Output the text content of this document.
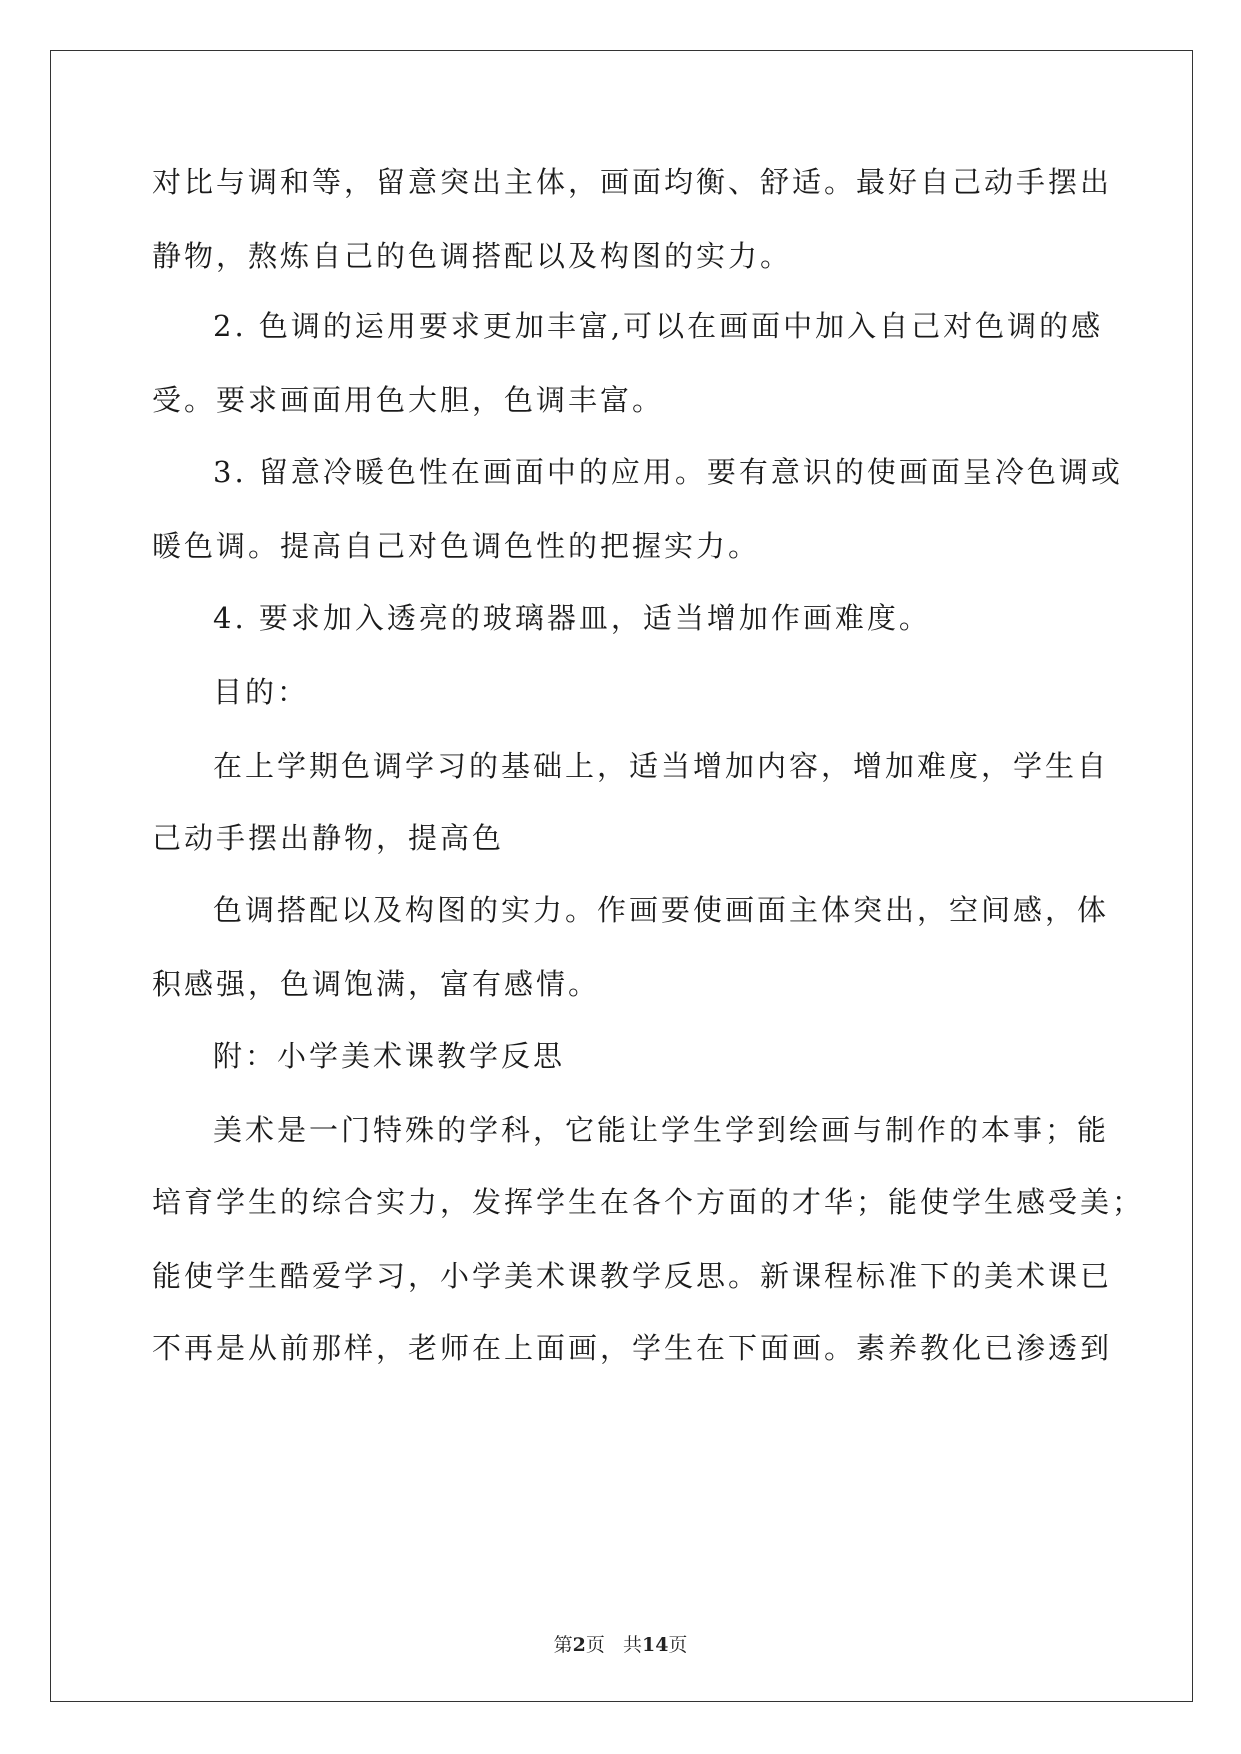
对比与调和等，留意突出主体，画面均衡、舒适。最好自己动手摆出
静物，熬炼自己的色调搭配以及构图的实力。
2. 色调的运用要求更加丰富,可以在画面中加入自己对色调的感
受。要求画面用色大胆，色调丰富。
3. 留意冷暖色性在画面中的应用。要有意识的使画面呈冷色调或
暖色调。提高自己对色调色性的把握实力。
4. 要求加入透亮的玻璃器皿，适当增加作画难度。
目的：
在上学期色调学习的基础上，适当增加内容，增加难度，学生自
己动手摆出静物，提高色
色调搭配以及构图的实力。作画要使画面主体突出，空间感，体
积感强，色调饱满，富有感情。
附：小学美术课教学反思
美术是一门特殊的学科，它能让学生学到绘画与制作的本事；能
培育学生的综合实力，发挥学生在各个方面的才华；能使学生感受美；
能使学生酷爱学习，小学美术课教学反思。新课程标准下的美术课已
不再是从前那样，老师在上面画，学生在下面画。素养教化已渗透到
第2页 共14页
